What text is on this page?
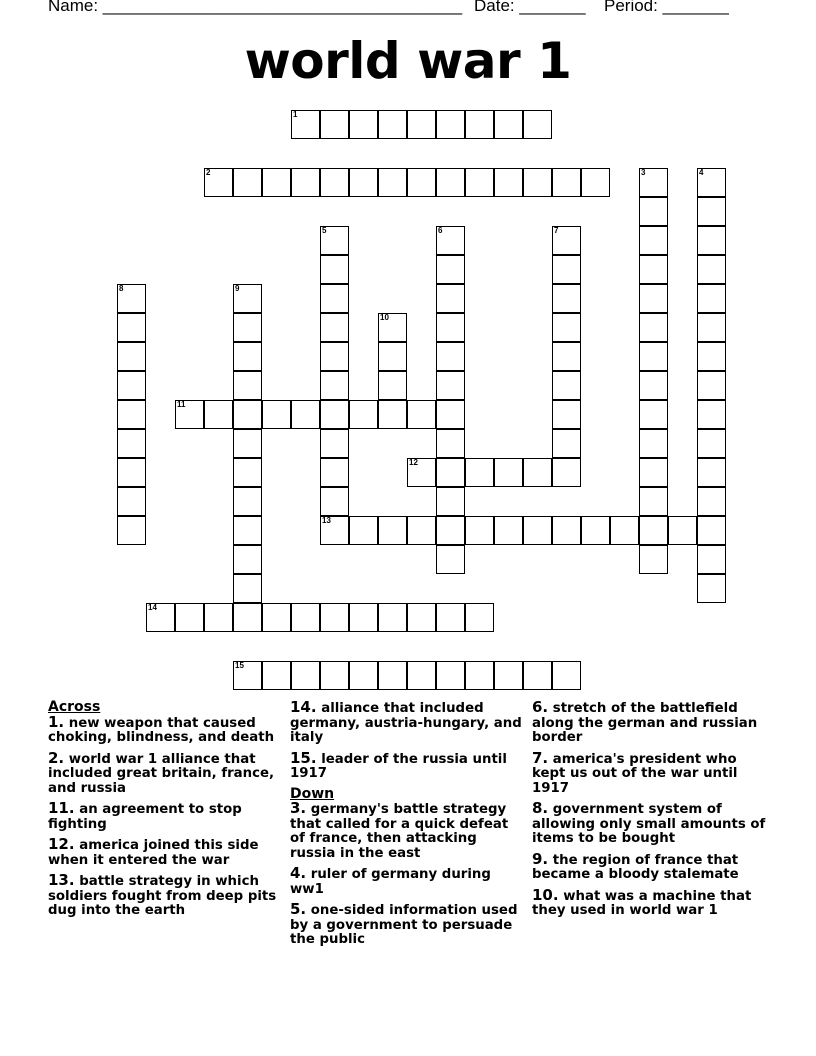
Name: ______________________________________ Date: _______ Period: _______
world war 1
1
2	3	4
5	6	7
8	9
10
11
12
13
14
15
Across
1. new weapon that caused choking, blindness, and death
2. world war 1 alliance that included great britain, france, and russia
11. an agreement to stop fighting
12. america joined this side when it entered the war
13. battle strategy in which soldiers fought from deep pits dug into the earth
14. alliance that included germany, austria-hungary, and italy
15. leader of the russia until 1917
Down
3. germany's battle strategy that called for a quick defeat of france, then attacking russia in the east
4. ruler of germany during ww1
5. one-sided information used by a government to persuade the public
6. stretch of the battlefield along the german and russian border
7. america's president who kept us out of the war until 1917
8. government system of allowing only small amounts of items to be bought
9. the region of france that became a bloody stalemate
10. what was a machine that they used in world war 1
